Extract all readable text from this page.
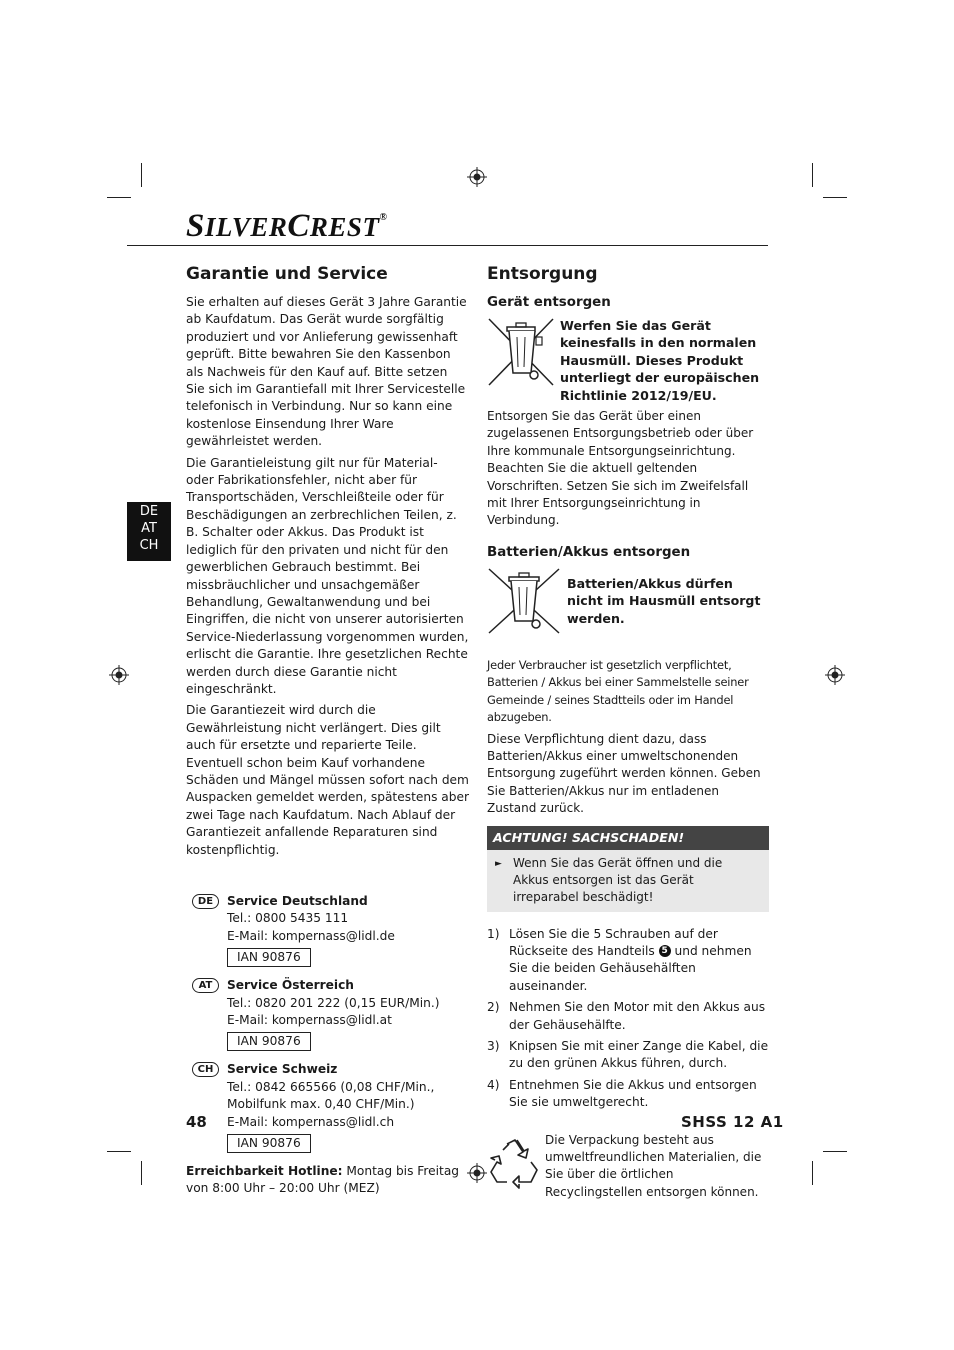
SILVERCREST®
DE
AT
CH
Garantie und Service

Sie erhalten auf dieses Gerät 3 Jahre Garantie ab Kaufdatum. Das Gerät wurde sorgfältig produziert und vor Anlieferung gewissenhaft geprüft. Bitte bewahren Sie den Kassenbon als Nachweis für den Kauf auf. Bitte setzen Sie sich im Garantiefall mit Ihrer Servicestelle telefonisch in Verbindung. Nur so kann eine kostenlose Einsendung Ihrer Ware gewährleistet werden.

Die Garantieleistung gilt nur für Material- oder Fabrikationsfehler, nicht aber für Transportschäden, Verschleißteile oder für Beschädigungen an zerbrechlichen Teilen, z. B. Schalter oder Akkus. Das Produkt ist lediglich für den privaten und nicht für den gewerblichen Gebrauch bestimmt. Bei missbräuchlicher und unsachgemäßer Behandlung, Gewaltanwendung und bei Eingriffen, die nicht von unserer autorisierten Service-Niederlassung vorgenommen wurden, erlischt die Garantie. Ihre gesetzlichen Rechte werden durch diese Garantie nicht eingeschränkt.

Die Garantiezeit wird durch die Gewährleistung nicht verlängert. Dies gilt auch für ersetzte und reparierte Teile. Eventuell schon beim Kauf vorhandene Schäden und Mängel müssen sofort nach dem Auspacken gemeldet werden, spätestens aber zwei Tage nach Kaufdatum. Nach Ablauf der Garantiezeit anfallende Reparaturen sind kostenpflichtig.

DE	Service Deutschland
Tel.: 0800 5435 111
E-Mail: kompernass@lidl.de
IAN 90876
AT	Service Österreich
Tel.: 0820 201 222 (0,15 EUR/Min.)
E-Mail: kompernass@lidl.at
IAN 90876
CH	Service Schweiz
Tel.: 0842 665566 (0,08 CHF/Min.,
Mobilfunk max. 0,40 CHF/Min.)
E-Mail: kompernass@lidl.ch
IAN 90876

Erreichbarkeit Hotline: Montag bis Freitag von 8:00 Uhr – 20:00 Uhr (MEZ)

Entsorgung
Gerät entsorgen
Werfen Sie das Gerät keinesfalls in den normalen Hausmüll. Dieses Produkt unterliegt der europäischen Richtlinie 2012/19/EU.

Entsorgen Sie das Gerät über einen zugelassenen Entsorgungsbetrieb oder über Ihre kommunale Entsorgungseinrichtung. Beachten Sie die aktuell geltenden Vorschriften. Setzen Sie sich im Zweifelsfall mit Ihrer Entsorgungseinrichtung in Verbindung.

Batterien/Akkus entsorgen
Batterien/Akkus dürfen nicht im Hausmüll entsorgt werden.

Jeder Verbraucher ist gesetzlich verpflichtet, Batterien / Akkus bei einer Sammelstelle seiner Gemeinde / seines Stadtteils oder im Handel abzugeben.

Diese Verpflichtung dient dazu, dass Batterien/Akkus einer umweltschonenden Entsorgung zugeführt werden können. Geben Sie Batterien/Akkus nur im entladenen Zustand zurück.

ACHTUNG! SACHSCHADEN!
► Wenn Sie das Gerät öffnen und die Akkus entsorgen ist das Gerät irreparabel beschädigt!
1) Lösen Sie die 5 Schrauben auf der Rückseite des Handteils 5 und nehmen Sie die beiden Gehäusehälften auseinander.
2) Nehmen Sie den Motor mit den Akkus aus der Gehäusehälfte.
3) Knipsen Sie mit einer Zange die Kabel, die zu den grünen Akkus führen, durch.
4) Entnehmen Sie die Akkus und entsorgen Sie sie umweltgerecht.

Die Verpackung besteht aus umweltfreundlichen Materialien, die Sie über die örtlichen Recyclingstellen entsorgen können.

48	SHSS 12 A1
